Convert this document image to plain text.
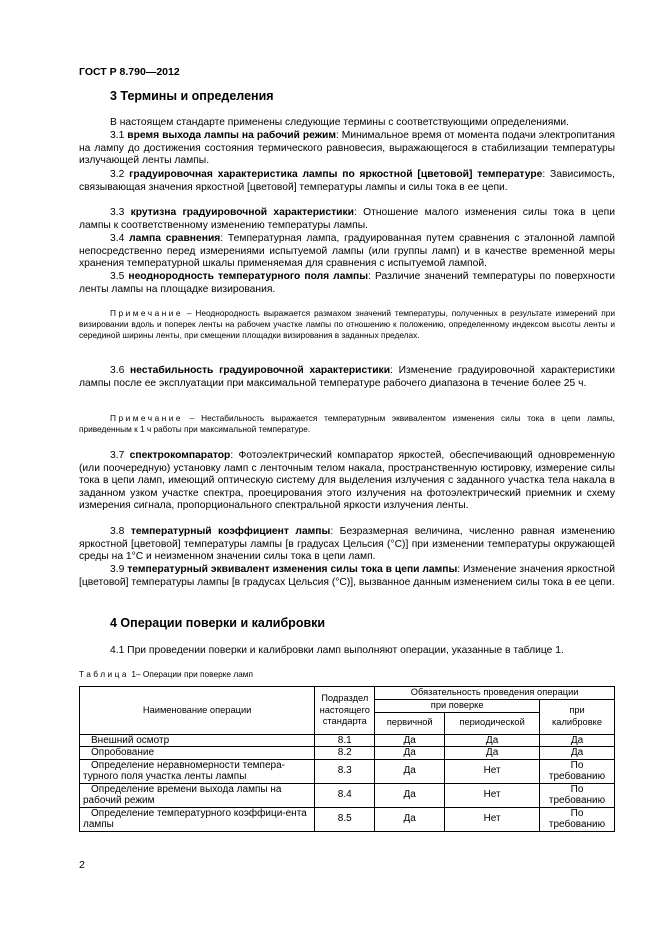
ГОСТ Р 8.790—2012
3 Термины и определения

В настоящем стандарте применены следующие термины с соответствующими определениями.

3.1 время выхода лампы на рабочий режим: Минимальное время от момента подачи электропитания на лампу до достижения состояния термического равновесия, выражающегося в стабилизации температуры излучающей ленты лампы.

3.2 градуировочная характеристика лампы по яркостной [цветовой] температуре: Зависимость, связывающая значения яркостной [цветовой] температуры лампы и силы тока в ее цепи.

3.3 крутизна градуировочной характеристики: Отношение малого изменения силы тока в цепи лампы к соответственному изменению температуры лампы.

3.4 лампа сравнения: Температурная лампа, градуированная путем сравнения с эталонной лампой непосредственно перед измерениями испытуемой лампы (или группы ламп) и в качестве временной меры хранения температурной шкалы применяемая для сравнения с испытуемой лампой.

3.5 неоднородность температурного поля лампы: Различие значений температуры по поверхности ленты лампы на площадке визирования.

Примечание – Неоднородность выражается размахом значений температуры, полученных в результате измерений при визировании вдоль и поперек ленты на рабочем участке лампы по отношению к положению, определенному индексом высоты ленты и серединой ширины ленты, при смещении площадки визирования в заданных пределах.

3.6 нестабильность градуировочной характеристики: Изменение градуировочной характеристики лампы после ее эксплуатации при максимальной температуре рабочего диапазона в течение более 25 ч.

Примечание – Нестабильность выражается температурным эквивалентом изменения силы тока в цепи лампы, приведенным к 1 ч работы при максимальной температуре.

3.7 спектрокомпаратор: Фотоэлектрический компаратор яркостей, обеспечивающий одновременную (или поочередную) установку ламп с ленточным телом накала, пространственную юстировку, измерение силы тока в цепи ламп, имеющий оптическую систему для выделения излучения с заданного участка тела накала в заданном узком участке спектра, проецирования этого излучения на фотоэлектрический приемник и схему измерения сигнала, пропорционального спектральной яркости излучения ленты.

3.8 температурный коэффициент лампы: Безразмерная величина, численно равная изменению яркостной [цветовой] температуры лампы [в градусах Цельсия (°С)] при изменении температуры окружающей среды на 1°С и неизменном значении силы тока в цепи ламп.

3.9 температурный эквивалент изменения силы тока в цепи лампы: Изменение значения яркостной [цветовой] температуры лампы [в градусах Цельсия (°С)], вызванное данным изменением силы тока в ее цепи.

4 Операции поверки и калибровки

4.1 При проведении поверки и калибровки ламп выполняют операции, указанные в таблице 1.

Таблица 1– Операции при поверке ламп
Наименование операции	Подраздел настоящего стандарта	Обязательность проведения операции		
		при поверке		при калибровке
		первичной	периодической	
Внешний осмотр	8.1	Да	Да	Да
Опробование	8.2	Да	Да	Да
Определение неравномерности темпера-турного поля участка ленты лампы	8.3	Да	Нет	По требованию
Определение времени выхода лампы на рабочий режим	8.4	Да	Нет	По требованию
Определение температурного коэффици-ента лампы	8.5	Да	Нет	По требованию
2
